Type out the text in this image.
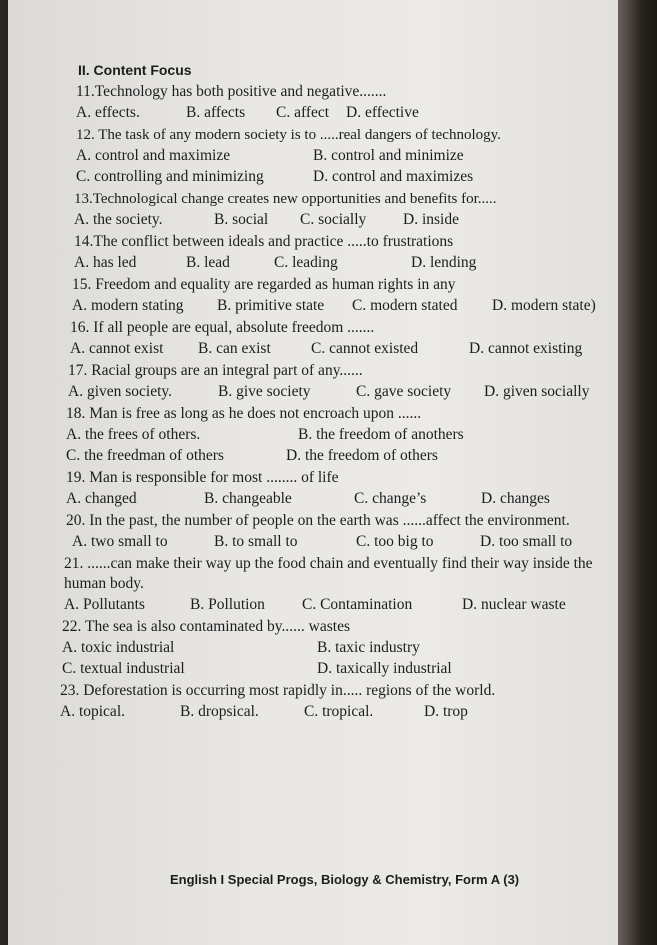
II. Content Focus
11.Technology has both positive and negative.......
A. effects.	B. affects	C. affect	D. effective
12. The task of any modern society is to .....real dangers of technology.
A. control and maximize	B. control and minimize
C. controlling and minimizing	D. control and maximizes
13.Technological change creates new opportunities and benefits for.....
A. the society.	B. social	C. socially	D. inside
14.The conflict between ideals and practice .....to frustrations
A. has led	B. lead	C. leading	D. lending
15. Freedom and equality are regarded as human rights in any
A. modern stating	B. primitive state	C. modern stated	D. modern state)
16. If all people are equal, absolute freedom .......
A. cannot exist	B. can exist	C. cannot existed	D. cannot existing
17. Racial groups are an integral part of any......
A. given society.	B. give society	C. gave society	D. given socially
18. Man is free as long as he does not encroach upon ......
A. the frees of others.	B. the freedom of anothers
C. the freedman of others	D. the freedom of others
19. Man is responsible for most ........ of life
A. changed	B. changeable	C. change’s	D. changes
20. In the past, the number of people on the earth was ......affect the environment.
A. two small to	B. to small to	C. too big to	D. too small to
21. ......can make their way up the food chain and eventually find their way inside the human body.
A. Pollutants	B. Pollution	C. Contamination	D. nuclear waste
22. The sea is also contaminated by...... wastes
A. toxic industrial	B. taxic industry
C. textual industrial	D. taxically industrial
23. Deforestation is occurring most rapidly in..... regions of the world.
A. topical.	B. dropsical.	C. tropical.	D. trop
English I Special Progs, Biology & Chemistry, Form A (3)
